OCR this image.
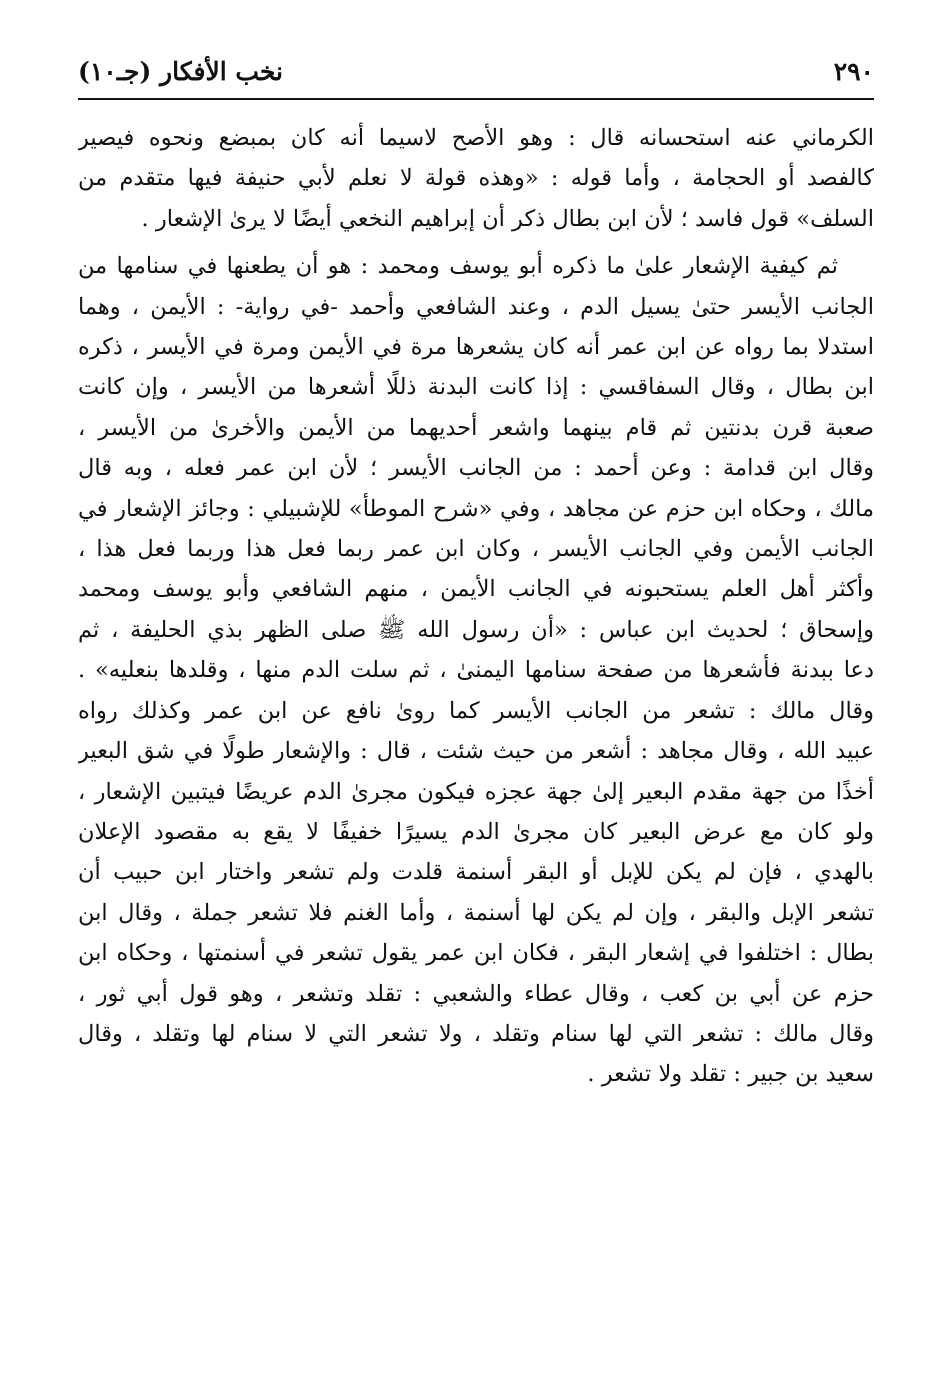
٢٩٠
نخب الأفكار (جـ١٠)

الكرماني عنه استحسانه قال : وهو الأصح لاسيما أنه كان بمبضع ونحوه فيصير
كالفصد أو الحجامة ، وأما قوله : «وهذه قولة لا نعلم لأبي حنيفة فيها متقدم من
السلف» قول فاسد ؛ لأن ابن بطال ذكر أن إبراهيم النخعي أيضًا لا يرىٰ الإشعار .

ثم كيفية الإشعار علىٰ ما ذكره أبو يوسف ومحمد : هو أن يطعنها في سنامها من
الجانب الأيسر حتىٰ يسيل الدم ، وعند الشافعي وأحمد -في رواية- : الأيمن ، وهما
استدلا بما رواه عن ابن عمر أنه كان يشعرها مرة في الأيمن ومرة في الأيسر ، ذكره
ابن بطال ، وقال السفاقسي : إذا كانت البدنة ذللًا أشعرها من الأيسر ، وإن كانت
صعبة قرن بدنتين ثم قام بينهما واشعر أحديهما من الأيمن والأخرىٰ من الأيسر ،
وقال ابن قدامة : وعن أحمد : من الجانب الأيسر ؛ لأن ابن عمر فعله ، وبه قال
مالك ، وحكاه ابن حزم عن مجاهد ، وفي «شرح الموطأ» للإشبيلي : وجائز الإشعار في
الجانب الأيمن وفي الجانب الأيسر ، وكان ابن عمر ربما فعل هذا وربما فعل هذا ،
وأكثر أهل العلم يستحبونه في الجانب الأيمن ، منهم الشافعي وأبو يوسف ومحمد
وإسحاق ؛ لحديث ابن عباس : «أن رسول الله ﷺ صلى الظهر بذي الحليفة ، ثم
دعا ببدنة فأشعرها من صفحة سنامها اليمنىٰ ، ثم سلت الدم منها ، وقلدها بنعليه» .
وقال مالك : تشعر من الجانب الأيسر كما روىٰ نافع عن ابن عمر وكذلك رواه
عبيد الله ، وقال مجاهد : أشعر من حيث شئت ، قال : والإشعار طولًا في شق البعير
أخذًا من جهة مقدم البعير إلىٰ جهة عجزه فيكون مجرىٰ الدم عريضًا فيتبين الإشعار ،
ولو كان مع عرض البعير كان مجرىٰ الدم يسيرًا خفيفًا لا يقع به مقصود الإعلان
بالهدي ، فإن لم يكن للإبل أو البقر أسنمة قلدت ولم تشعر واختار ابن حبيب أن
تشعر الإبل والبقر ، وإن لم يكن لها أسنمة ، وأما الغنم فلا تشعر جملة ، وقال ابن
بطال : اختلفوا في إشعار البقر ، فكان ابن عمر يقول تشعر في أسنمتها ، وحكاه ابن
حزم عن أبي بن كعب ، وقال عطاء والشعبي : تقلد وتشعر ، وهو قول أبي ثور ،
وقال مالك : تشعر التي لها سنام وتقلد ، ولا تشعر التي لا سنام لها وتقلد ، وقال
سعيد بن جبير : تقلد ولا تشعر .
